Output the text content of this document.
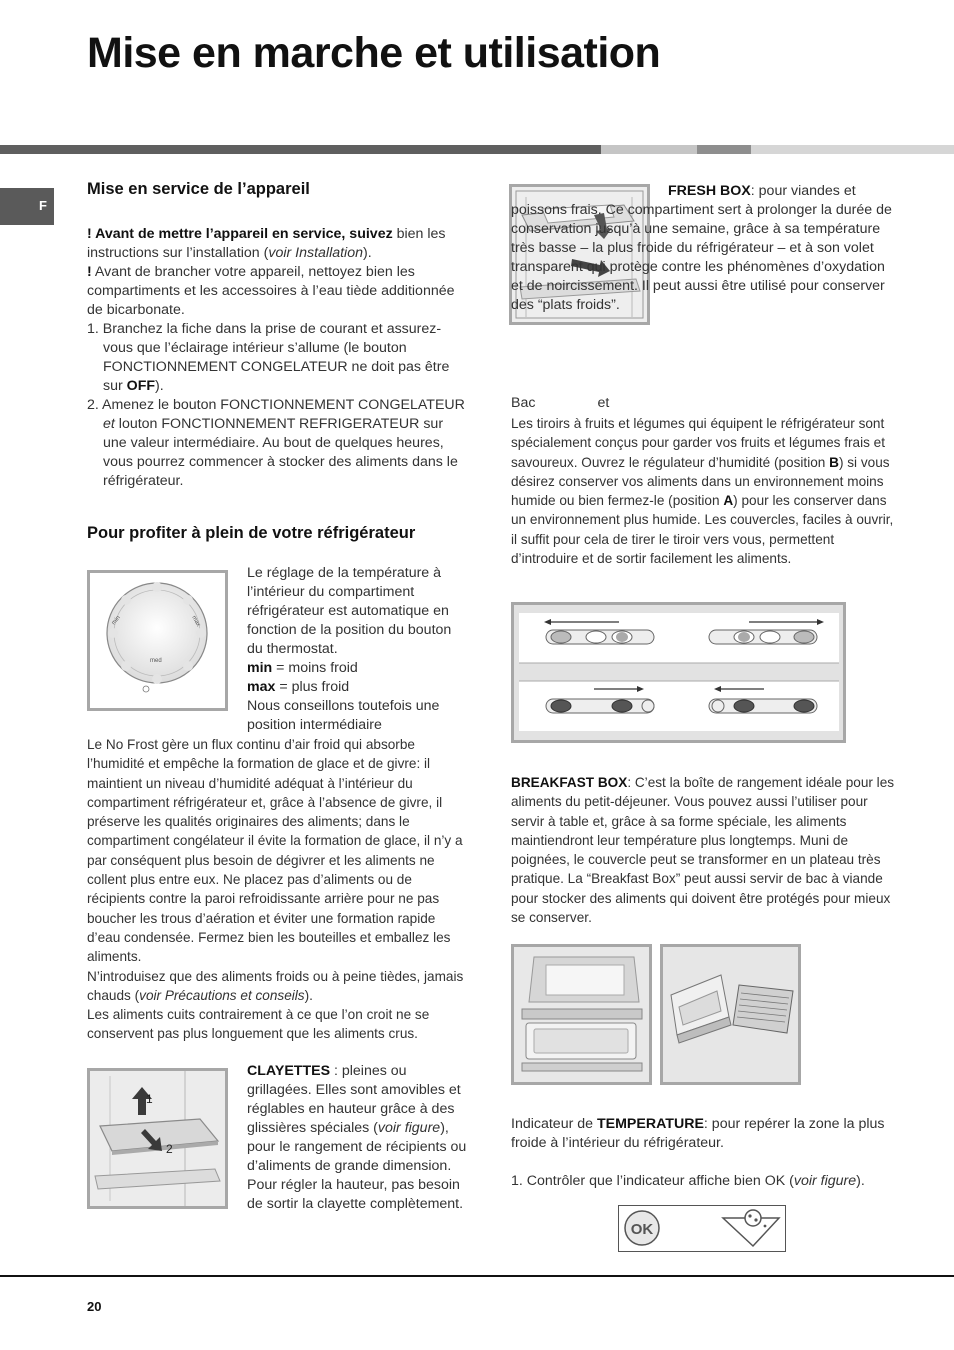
Mise en marche et utilisation
F
Mise en service de l’appareil

! Avant de mettre l’appareil en service, suivez bien les instructions sur l’installation (voir Installation).

! Avant de brancher votre appareil, nettoyez bien les compartiments et les accessoires à l’eau tiède additionnée de bicarbonate.

1. Branchez la fiche dans la prise de courant et assurez-vous que l’éclairage intérieur s’allume (le bouton FONCTIONNEMENT CONGELATEUR ne doit pas être sur OFF).
2. Amenez le bouton FONCTIONNEMENT CONGELATEUR et louton FONCTIONNEMENT REFRIGERATEUR sur une valeur intermédiaire. Au bout de quelques heures, vous pourrez commencer à stocker des aliments dans le réfrigérateur.
Pour profiter à plein de votre réfrigérateur
min
med
max

Le réglage de la température à l’intérieur du compartiment réfrigérateur est automatique en fonction de la position du bouton du thermostat.

min = moins froid

max = plus froid

Nous conseillons toutefois une position intermédiaire

Le No Frost gère un flux continu d’air froid qui absorbe l’humidité et empêche la formation de glace et de givre: il maintient un niveau d’humidité adéquat à l’intérieur du compartiment réfrigérateur et, grâce à l’absence de givre, il préserve les qualités originaires des aliments; dans le compartiment congélateur il évite la formation de glace, il n’y a par conséquent plus besoin de dégivrer et les aliments ne collent plus entre eux. Ne placez pas d’aliments ou de récipients contre la paroi refroidissante arrière pour ne pas boucher les trous d’aération et éviter une formation rapide d’eau condensée. Fermez bien les bouteilles et emballez les aliments.

N’introduisez que des aliments froids ou à peine tièdes, jamais chauds (voir Précautions et conseils).

Les aliments cuits contrairement à ce que l’on croit ne se conservent pas plus longuement que les aliments crus.

1
2

CLAYETTES : pleines ou grillagées. Elles sont amovibles et réglables en hauteur grâce à des glissières spéciales (voir figure), pour le rangement de récipients ou d’aliments de grande dimension. Pour régler la hauteur, pas besoin de sortir la clayette complètement.

FRESH BOX: pour viandes et poissons frais. Ce compartiment sert à prolonger la durée de conservation jusqu’à une semaine, grâce à sa température très basse – la plus froide du réfrigérateur – et à son volet transparent qui protège contre les phénomènes d’oxydation et de noircissement. Il peut aussi être utilisé pour conserver des “plats froids”.

Bac	et

Les tiroirs à fruits et légumes qui équipent le réfrigérateur sont spécialement conçus pour garder vos fruits et légumes frais et savoureux. Ouvrez le régulateur d’humidité (position B) si vous désirez conserver vos aliments dans un environnement moins humide ou bien fermez-le (position A) pour les conserver dans un environnement plus humide. Les couvercles, faciles à ouvrir, il suffit pour cela de tirer le tiroir vers vous, permettent d’introduire et de sortir facilement les aliments.

BREAKFAST BOX: C’est la boîte de rangement idéale pour les aliments du petit-déjeuner. Vous pouvez aussi l’utiliser pour servir à table et, grâce à sa forme spéciale, les aliments maintiendront leur température plus longtemps. Muni de poignées, le couvercle peut se transformer en un plateau très pratique. La “Breakfast Box” peut aussi servir de bac à viande pour stocker des aliments qui doivent être protégés pour mieux se conserver.

Indicateur de TEMPERATURE: pour repérer la zone la plus froide à l’intérieur du réfrigérateur.

1. Contrôler que l’indicateur affiche bien OK (voir figure).

OK
20
